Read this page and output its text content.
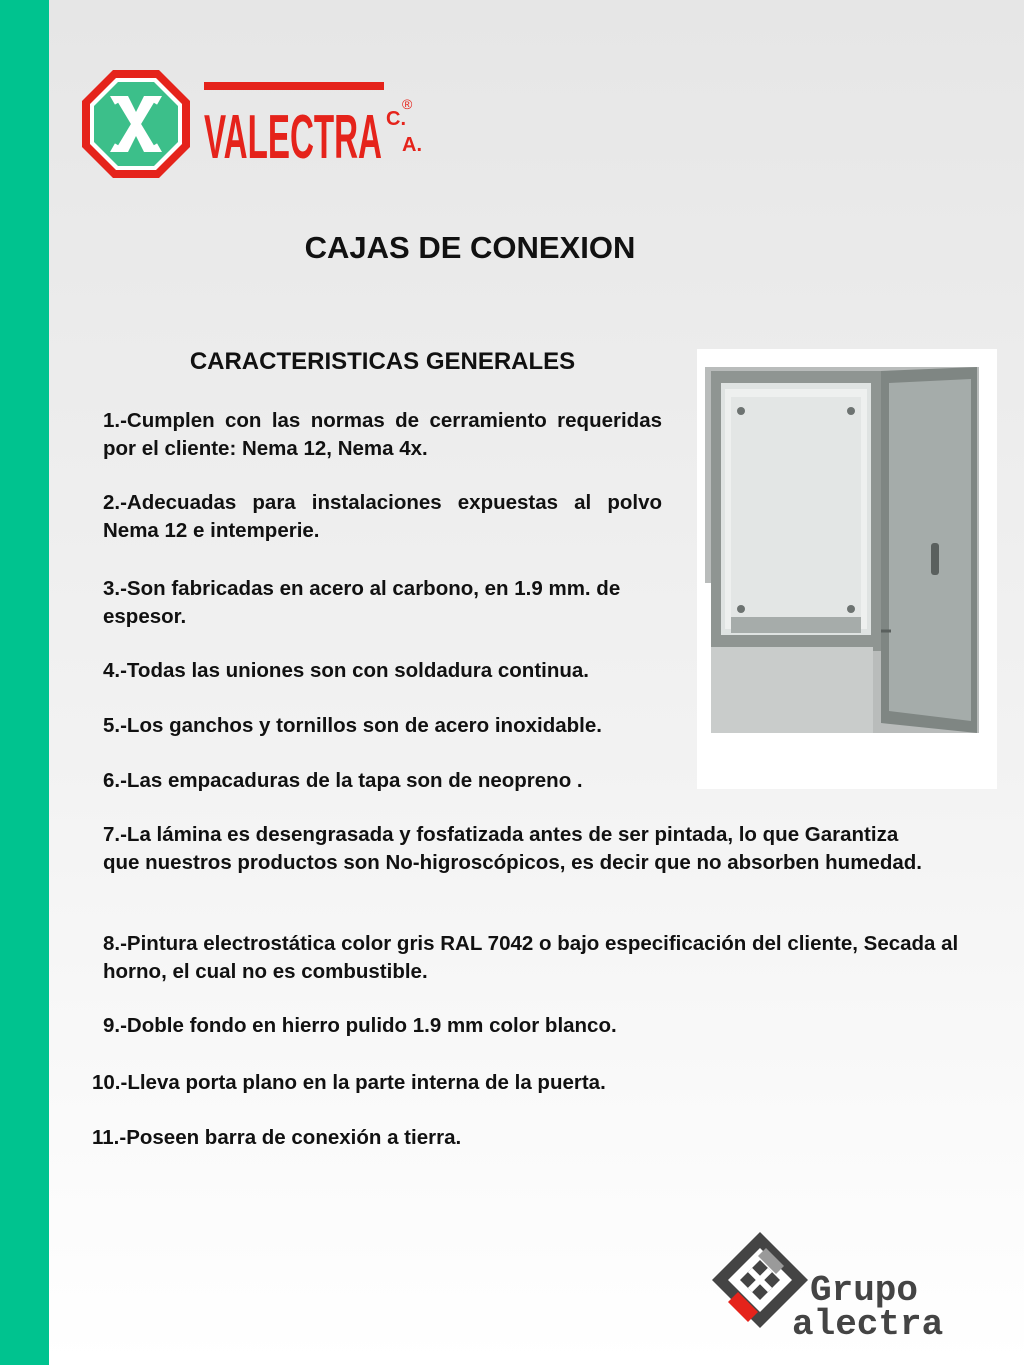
VALECTRA ®
C.
A.
CAJAS DE CONEXION
CARACTERISTICAS GENERALES
1.-Cumplen con las normas de cerramiento requeridas por el cliente: Nema 12, Nema 4x.
2.-Adecuadas para instalaciones expuestas al polvo Nema 12 e intemperie.
3.-Son fabricadas en acero al carbono, en 1.9 mm. de espesor.
4.-Todas las uniones son con soldadura continua.
5.-Los ganchos y tornillos son de acero inoxidable.
6.-Las empacaduras de la tapa son de neopreno .
7.-La lámina es desengrasada y fosfatizada antes de ser pintada, lo que Garantiza que nuestros productos son No-higroscópicos, es decir que no absorben humedad.
8.-Pintura electrostática color gris RAL 7042 o bajo especificación del cliente, Secada al horno, el cual no es combustible.
9.-Doble fondo en hierro pulido 1.9 mm color blanco.
10.-Lleva porta plano en la parte interna de la puerta.
11.-Poseen barra de conexión a tierra.
Grupo
alectra
